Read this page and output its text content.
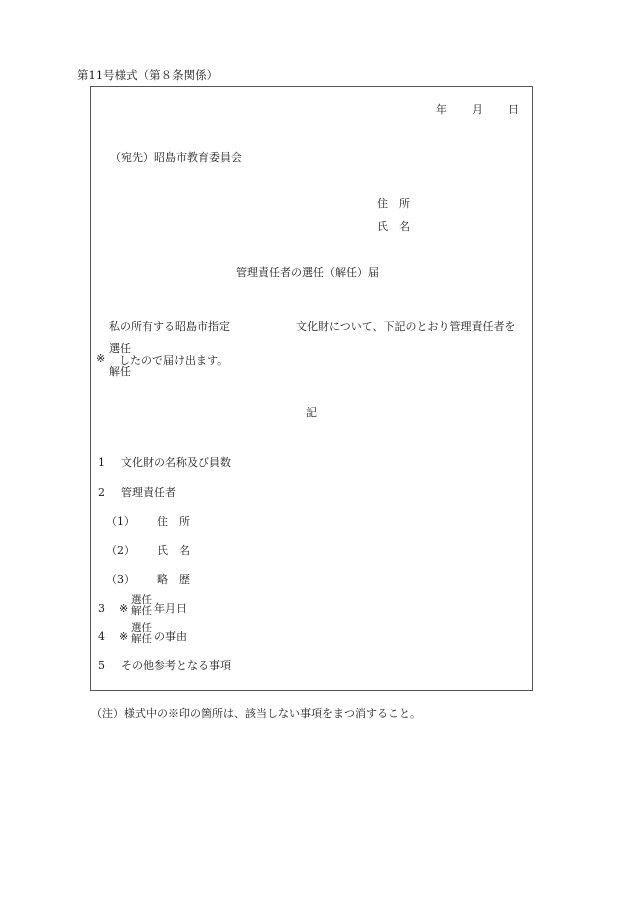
第11号様式（第８条関係）
年 月 日
（宛先）昭島市教育委員会
住　所
氏　名
管理責任者の選任（解任）届
私の所有する昭島市指定	文化財について、下記のとおり管理責任者を
選任
※ したので届け出ます。
解任
記
1 文化財の名称及び員数
2 管理責任者
（1） 住　所
（2） 氏　名
（3） 略　歴
3 ※
選任
解任 年月日
4 ※
選任
解任 の事由
5 その他参考となる事項
（注）様式中の※印の箇所は、該当しない事項をまつ消すること。
